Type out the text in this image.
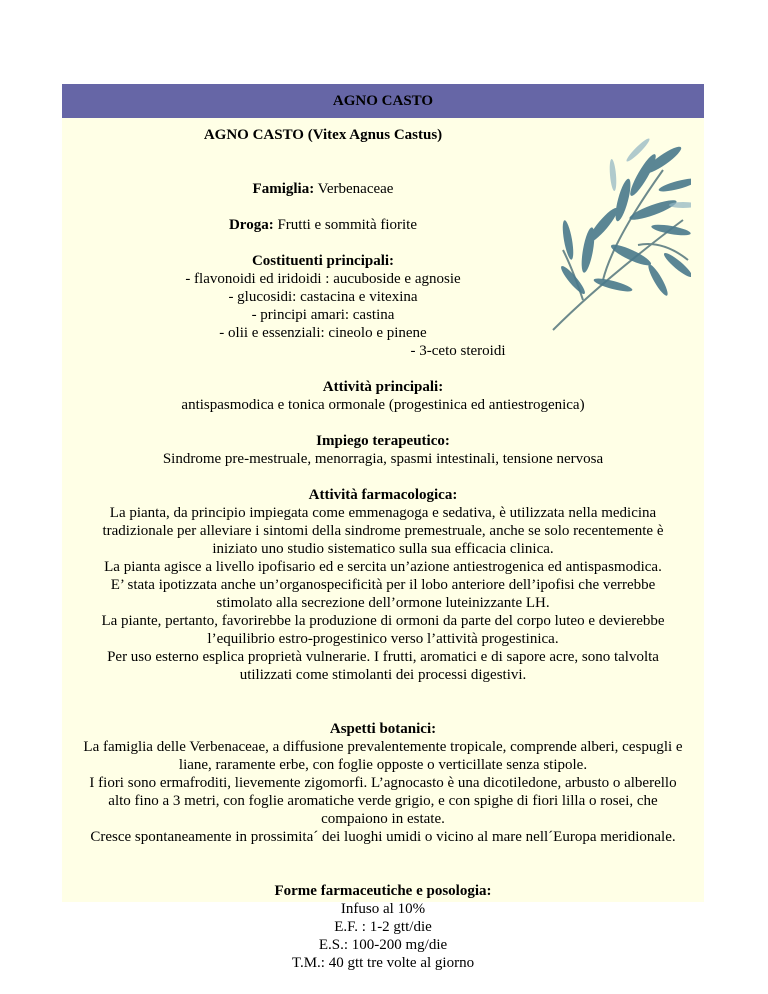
AGNO CASTO
AGNO CASTO (Vitex Agnus Castus)
Famiglia: Verbenaceae
Droga: Frutti e sommità fiorite
Costituenti principali:
- flavonoidi ed iridoidi : aucuboside e agnosie
- glucosidi: castacina e vitexina
- principi amari: castina
- olii e essenziali: cineolo e pinene
- 3-ceto steroidi
Attività principali:
antispasmodica e tonica ormonale (progestinica ed antiestrogenica)
Impiego terapeutico:
Sindrome pre-mestruale, menorragia, spasmi intestinali, tensione nervosa
Attività farmacologica:
La pianta, da principio impiegata come emmenagoga e sedativa, è utilizzata nella medicina
tradizionale per alleviare i sintomi della sindrome premestruale, anche se solo recentemente è
iniziato uno studio sistematico sulla sua efficacia clinica.
La pianta agisce a livello ipofisario ed e sercita un’azione antiestrogenica ed antispasmodica.
E’ stata ipotizzata anche un’organospecificità per il lobo anteriore dell’ipofisi che verrebbe
stimolato alla secrezione dell’ormone luteinizzante LH.
La piante, pertanto, favorirebbe la produzione di ormoni da parte del corpo luteo e devierebbe
l’equilibrio estro-progestinico verso l’attività progestinica.
Per uso esterno esplica proprietà vulnerarie. I frutti, aromatici e di sapore acre, sono talvolta
utilizzati come stimolanti dei processi digestivi.
Aspetti botanici:
La famiglia delle Verbenaceae, a diffusione prevalentemente tropicale, comprende alberi, cespugli e
liane, raramente erbe, con foglie opposte o verticillate senza stipole.
I fiori sono ermafroditi, lievemente zigomorfi. L’agnocasto è una dicotiledone, arbusto o alberello
alto fino a 3 metri, con foglie aromatiche verde grigio, e con spighe di fiori lilla o rosei, che
compaiono in estate.
Cresce spontaneamente in prossimita´ dei luoghi umidi o vicino al mare nell´Europa meridionale.
Forme farmaceutiche e posologia:
Infuso al 10%
E.F. : 1-2 gtt/die
E.S.: 100-200 mg/die
T.M.: 40 gtt tre volte al giorno
